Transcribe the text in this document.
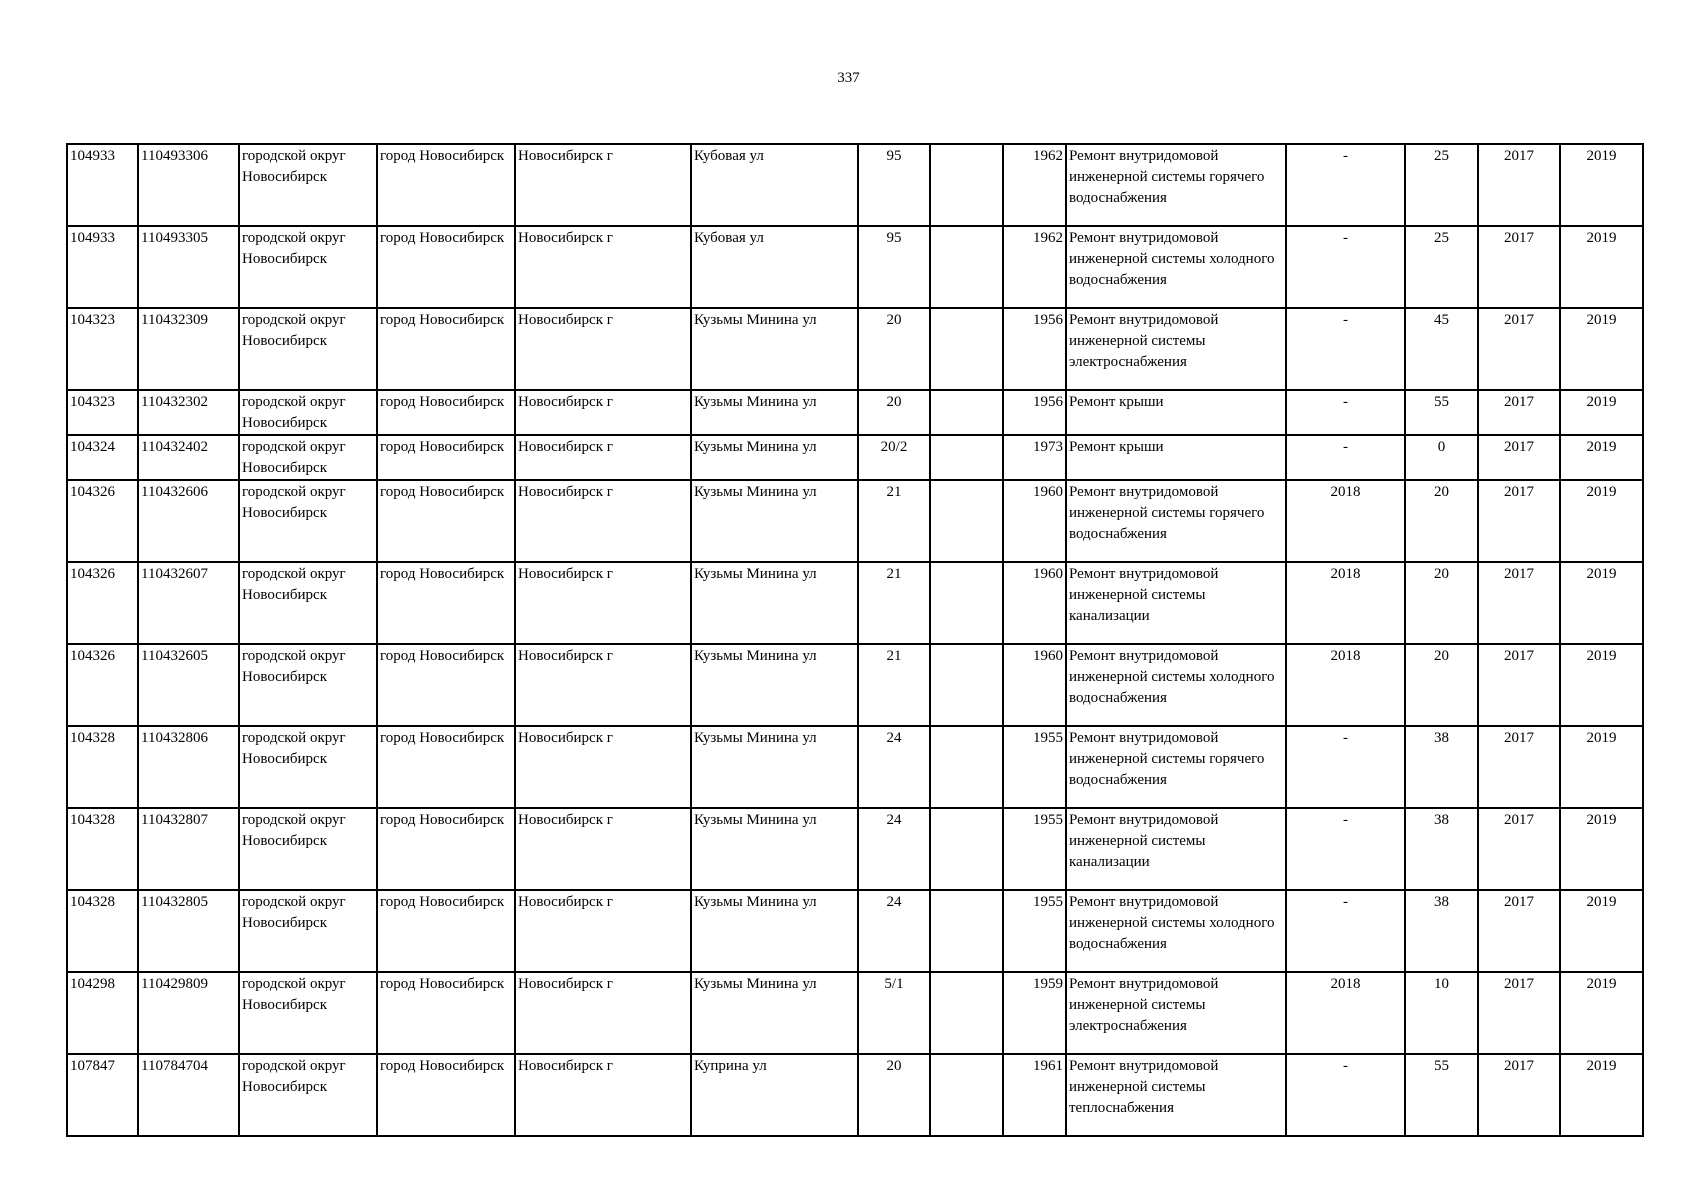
337
104933	110493306	городской округ Новосибирск	город Новосибирск	Новосибирск г	Кубовая ул	95		1962	Ремонт внутридомовой инженерной системы горячего водоснабжения	-	25	2017	2019
104933	110493305	городской округ Новосибирск	город Новосибирск	Новосибирск г	Кубовая ул	95		1962	Ремонт внутридомовой инженерной системы холодного водоснабжения	-	25	2017	2019
104323	110432309	городской округ Новосибирск	город Новосибирск	Новосибирск г	Кузьмы Минина ул	20		1956	Ремонт внутридомовой инженерной системы электроснабжения	-	45	2017	2019
104323	110432302	городской округ Новосибирск	город Новосибирск	Новосибирск г	Кузьмы Минина ул	20		1956	Ремонт крыши	-	55	2017	2019
104324	110432402	городской округ Новосибирск	город Новосибирск	Новосибирск г	Кузьмы Минина ул	20/2		1973	Ремонт крыши	-	0	2017	2019
104326	110432606	городской округ Новосибирск	город Новосибирск	Новосибирск г	Кузьмы Минина ул	21		1960	Ремонт внутридомовой инженерной системы горячего водоснабжения	2018	20	2017	2019
104326	110432607	городской округ Новосибирск	город Новосибирск	Новосибирск г	Кузьмы Минина ул	21		1960	Ремонт внутридомовой инженерной системы канализации	2018	20	2017	2019
104326	110432605	городской округ Новосибирск	город Новосибирск	Новосибирск г	Кузьмы Минина ул	21		1960	Ремонт внутридомовой инженерной системы холодного водоснабжения	2018	20	2017	2019
104328	110432806	городской округ Новосибирск	город Новосибирск	Новосибирск г	Кузьмы Минина ул	24		1955	Ремонт внутридомовой инженерной системы горячего водоснабжения	-	38	2017	2019
104328	110432807	городской округ Новосибирск	город Новосибирск	Новосибирск г	Кузьмы Минина ул	24		1955	Ремонт внутридомовой инженерной системы канализации	-	38	2017	2019
104328	110432805	городской округ Новосибирск	город Новосибирск	Новосибирск г	Кузьмы Минина ул	24		1955	Ремонт внутридомовой инженерной системы холодного водоснабжения	-	38	2017	2019
104298	110429809	городской округ Новосибирск	город Новосибирск	Новосибирск г	Кузьмы Минина ул	5/1		1959	Ремонт внутридомовой инженерной системы электроснабжения	2018	10	2017	2019
107847	110784704	городской округ Новосибирск	город Новосибирск	Новосибирск г	Куприна ул	20		1961	Ремонт внутридомовой инженерной системы теплоснабжения	-	55	2017	2019
